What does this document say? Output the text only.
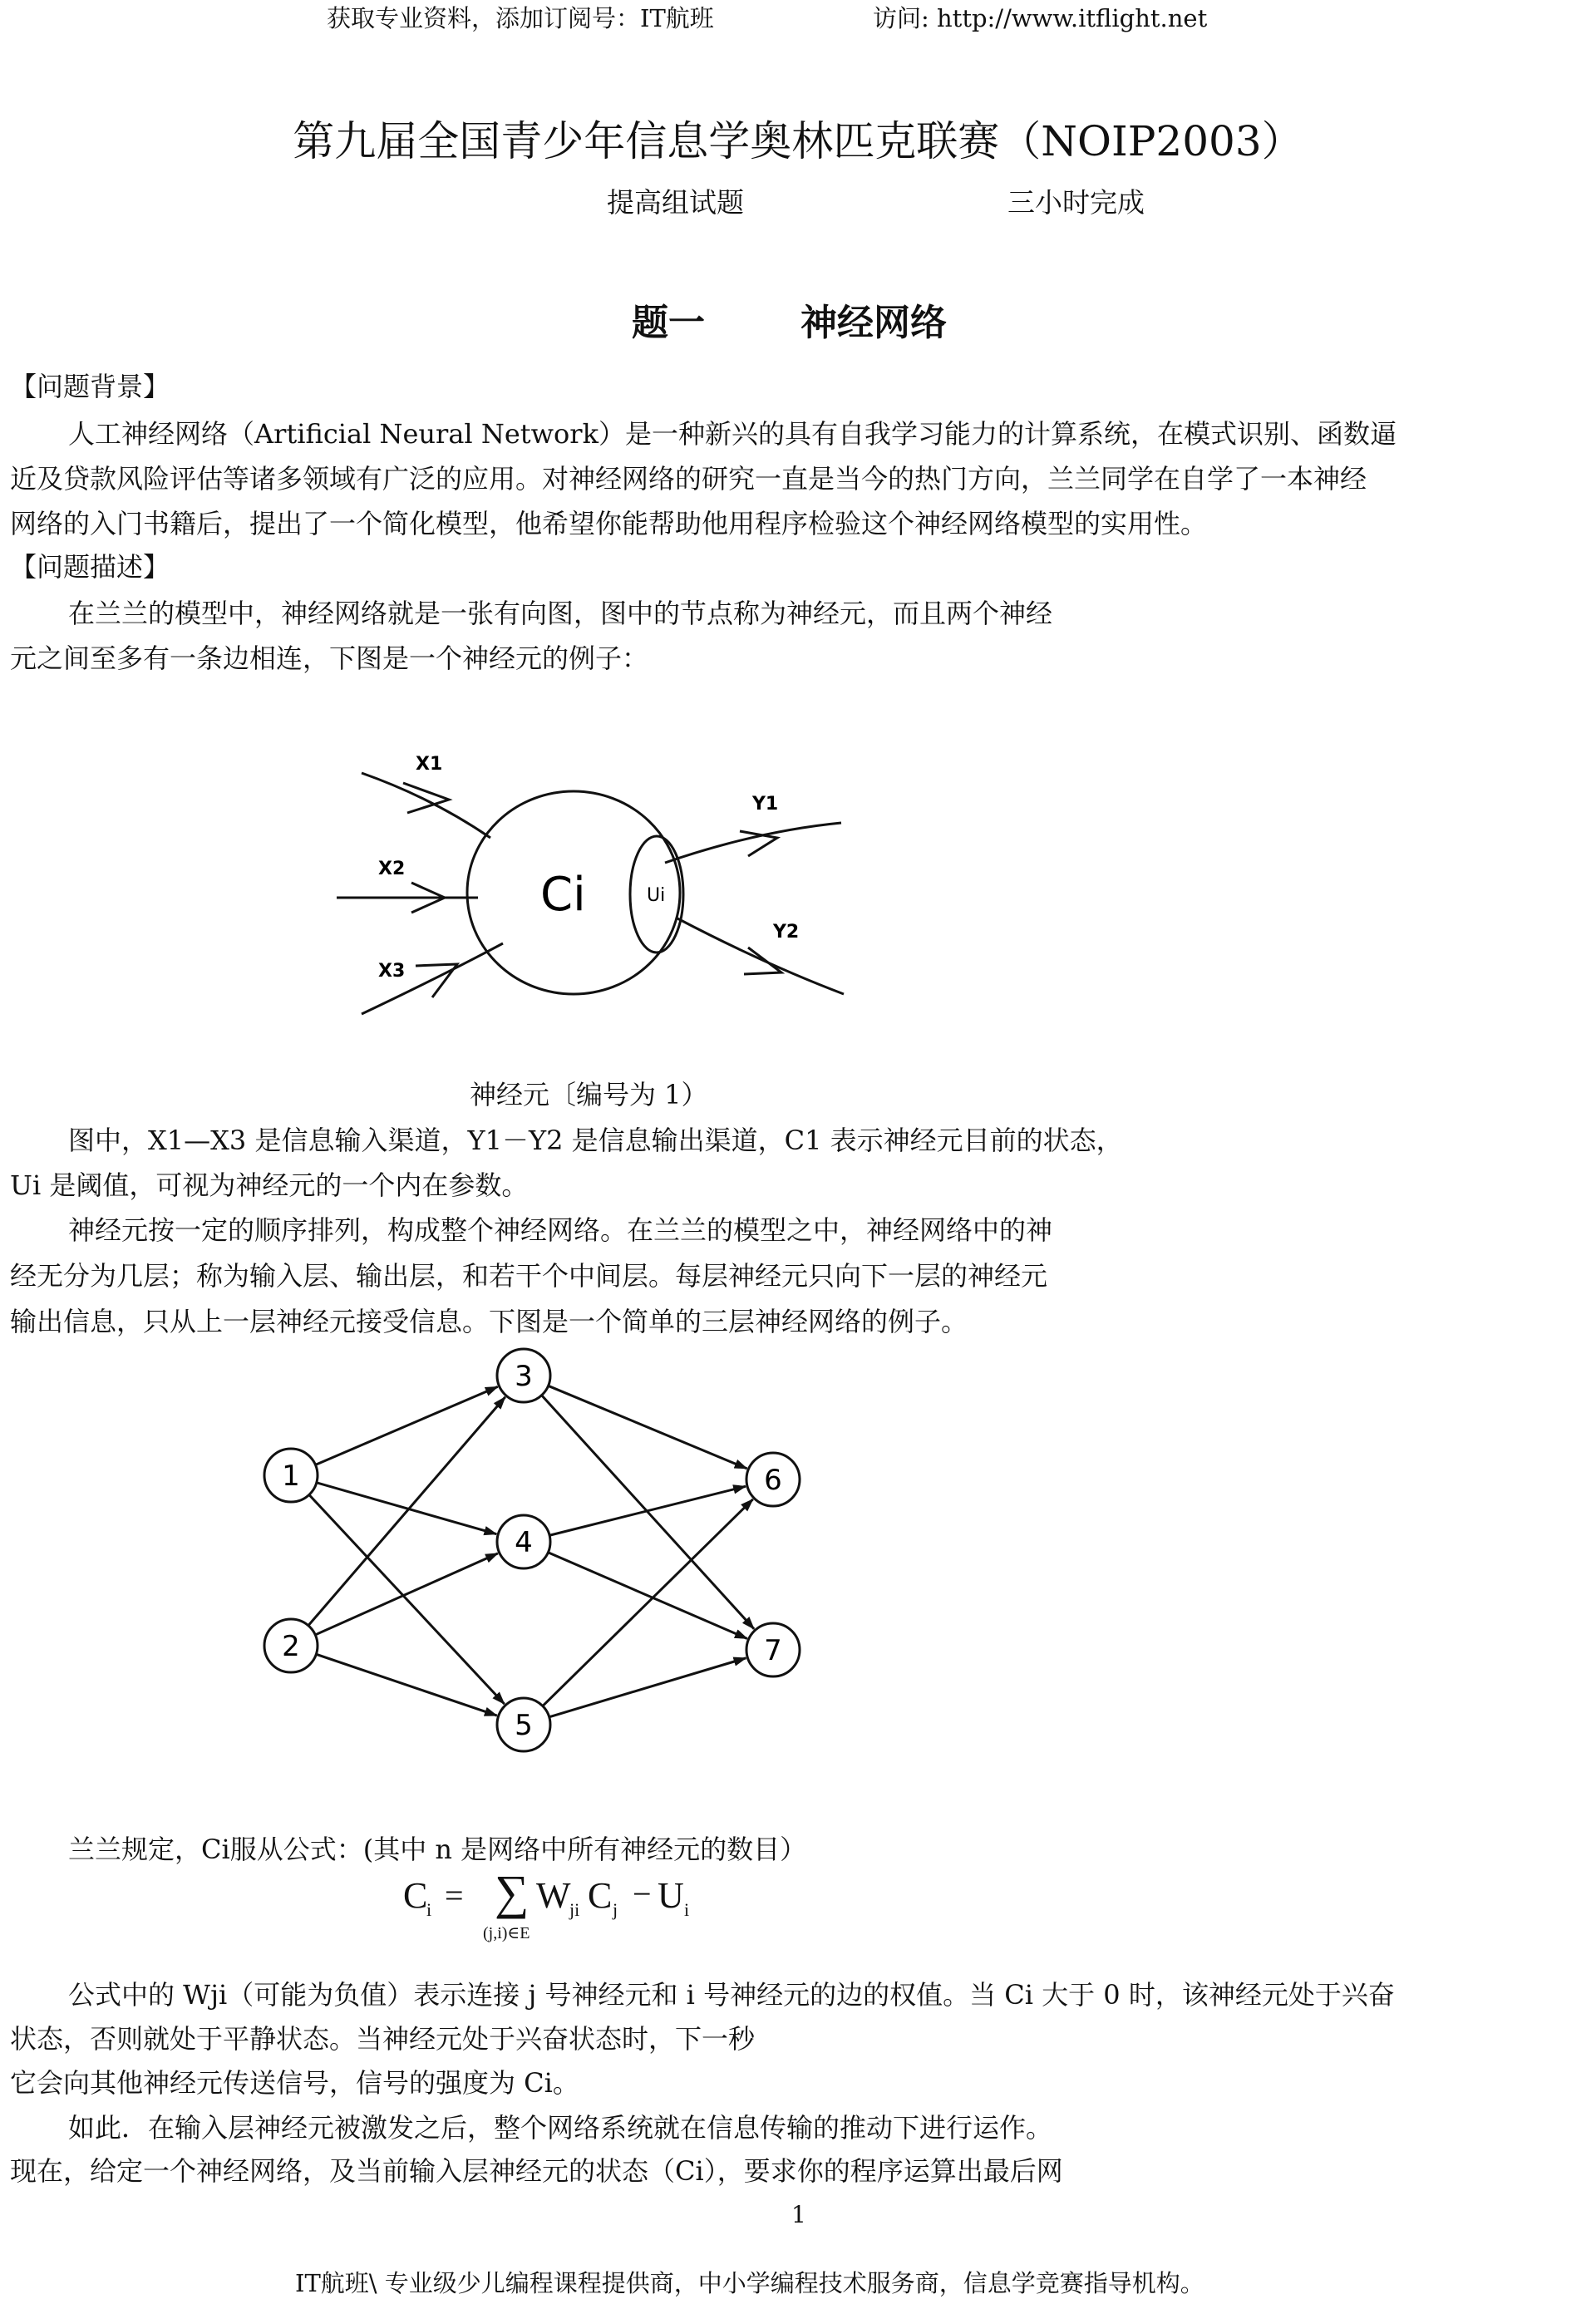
获取专业资料，添加订阅号：IT航班	访问: http://www.itflight.net
第九届全国青少年信息学奥林匹克联赛（NOIP2003）
提高组试题	三小时完成
题一	神经网络
【问题背景】
人工神经网络（Artificial Neural Network）是一种新兴的具有自我学习能力的计算系统，在模式识别、函数逼
近及贷款风险评估等诸多领域有广泛的应用。对神经网络的研究一直是当今的热门方向，兰兰同学在自学了一本神经
网络的入门书籍后，提出了一个简化模型，他希望你能帮助他用程序检验这个神经网络模型的实用性。
【问题描述】
在兰兰的模型中，神经网络就是一张有向图，图中的节点称为神经元，而且两个神经
元之间至多有一条边相连，下图是一个神经元的例子：
X1
X2
X3
Ci	Ui
Y1
Y2
神经元〔编号为 1）
图中，X1—X3 是信息输入渠道，Y1－Y2 是信息输出渠道，C1 表示神经元目前的状态，
Ui 是阈值，可视为神经元的一个内在参数。
神经元按一定的顺序排列，构成整个神经网络。在兰兰的模型之中，神经网络中的神
经无分为几层；称为输入层、输出层，和若干个中间层。每层神经元只向下一层的神经元
输出信息，只从上一层神经元接受信息。下图是一个简单的三层神经网络的例子。
1
2
3
4
5
6
7
兰兰规定，Ci服从公式：(其中 n 是网络中所有神经元的数目）
C
i = ∑
(j,i)∈E
W
ji C j − U i
公式中的 Wji（可能为负值）表示连接 j 号神经元和 i 号神经元的边的权值。当 Ci 大于 0 时，该神经元处于兴奋
状态，否则就处于平静状态。当神经元处于兴奋状态时，下一秒
它会向其他神经元传送信号，信号的强度为 Ci。
如此．在输入层神经元被激发之后，整个网络系统就在信息传输的推动下进行运作。
现在，给定一个神经网络，及当前输入层神经元的状态（Ci），要求你的程序运算出最后网
1
IT航班\ 专业级少儿编程课程提供商，中小学编程技术服务商，信息学竞赛指导机构。
